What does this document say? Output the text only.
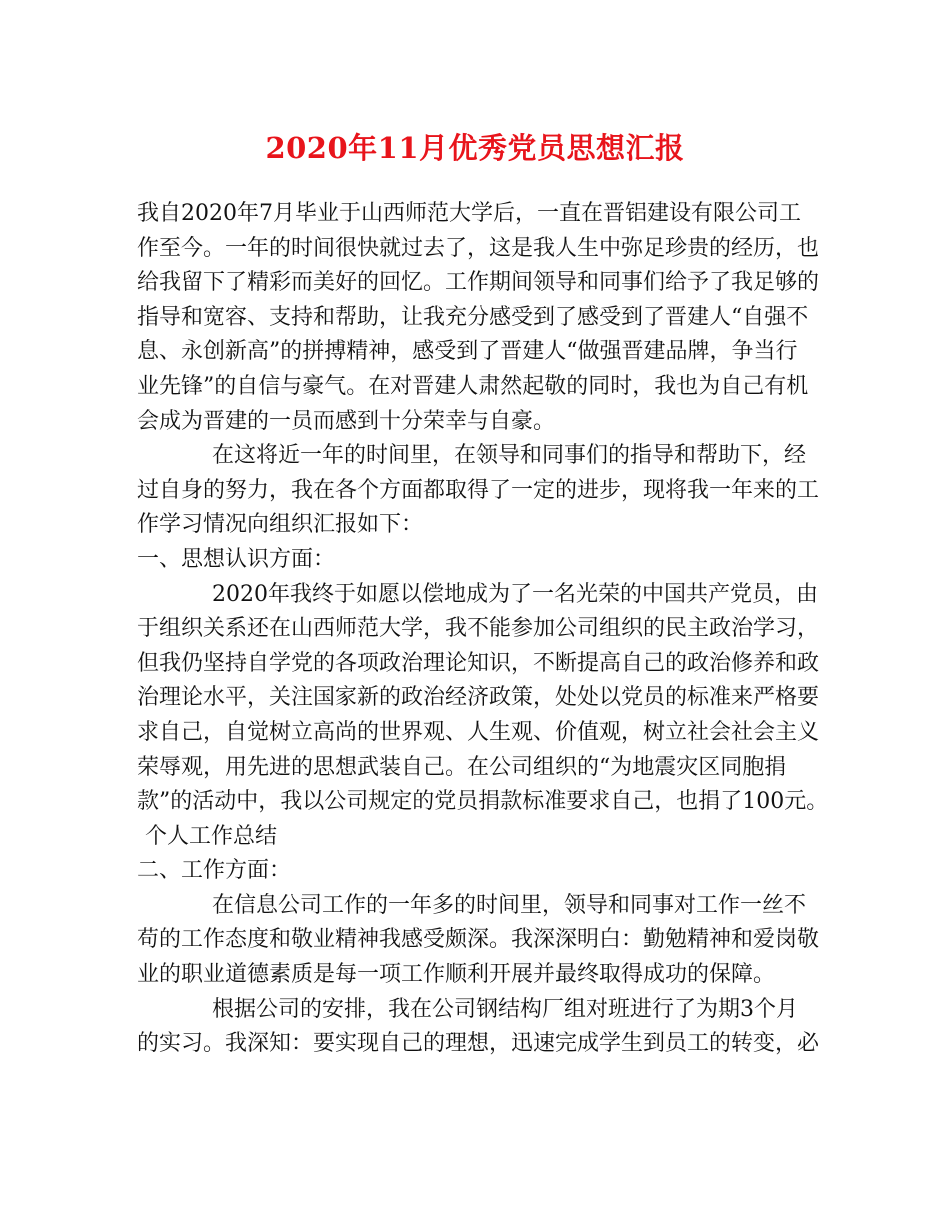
2020年11月优秀党员思想汇报
我自2020年7月毕业于山西师范大学后，一直在晋铝建设有限公司工
作至今。一年的时间很快就过去了，这是我人生中弥足珍贵的经历，也
给我留下了精彩而美好的回忆。工作期间领导和同事们给予了我足够的
指导和宽容、支持和帮助，让我充分感受到了感受到了晋建人“自强不
息、永创新高”的拼搏精神，感受到了晋建人“做强晋建品牌，争当行
业先锋”的自信与豪气。在对晋建人肃然起敬的同时，我也为自己有机
会成为晋建的一员而感到十分荣幸与自豪。
在这将近一年的时间里，在领导和同事们的指导和帮助下，经
过自身的努力，我在各个方面都取得了一定的进步，现将我一年来的工
作学习情况向组织汇报如下：
一、思想认识方面：
2020年我终于如愿以偿地成为了一名光荣的中国共产党员，由
于组织关系还在山西师范大学，我不能参加公司组织的民主政治学习，
但我仍坚持自学党的各项政治理论知识，不断提高自己的政治修养和政
治理论水平，关注国家新的政治经济政策，处处以党员的标准来严格要
求自己，自觉树立高尚的世界观、人生观、价值观，树立社会社会主义
荣辱观，用先进的思想武装自己。在公司组织的“为地震灾区同胞捐
款”的活动中，我以公司规定的党员捐款标准要求自己，也捐了100元。
个人工作总结
二、工作方面：
在信息公司工作的一年多的时间里，领导和同事对工作一丝不
苟的工作态度和敬业精神我感受颇深。我深深明白：勤勉精神和爱岗敬
业的职业道德素质是每一项工作顺利开展并最终取得成功的保障。
根据公司的安排，我在公司钢结构厂组对班进行了为期3个月
的实习。我深知：要实现自己的理想，迅速完成学生到员工的转变，必
